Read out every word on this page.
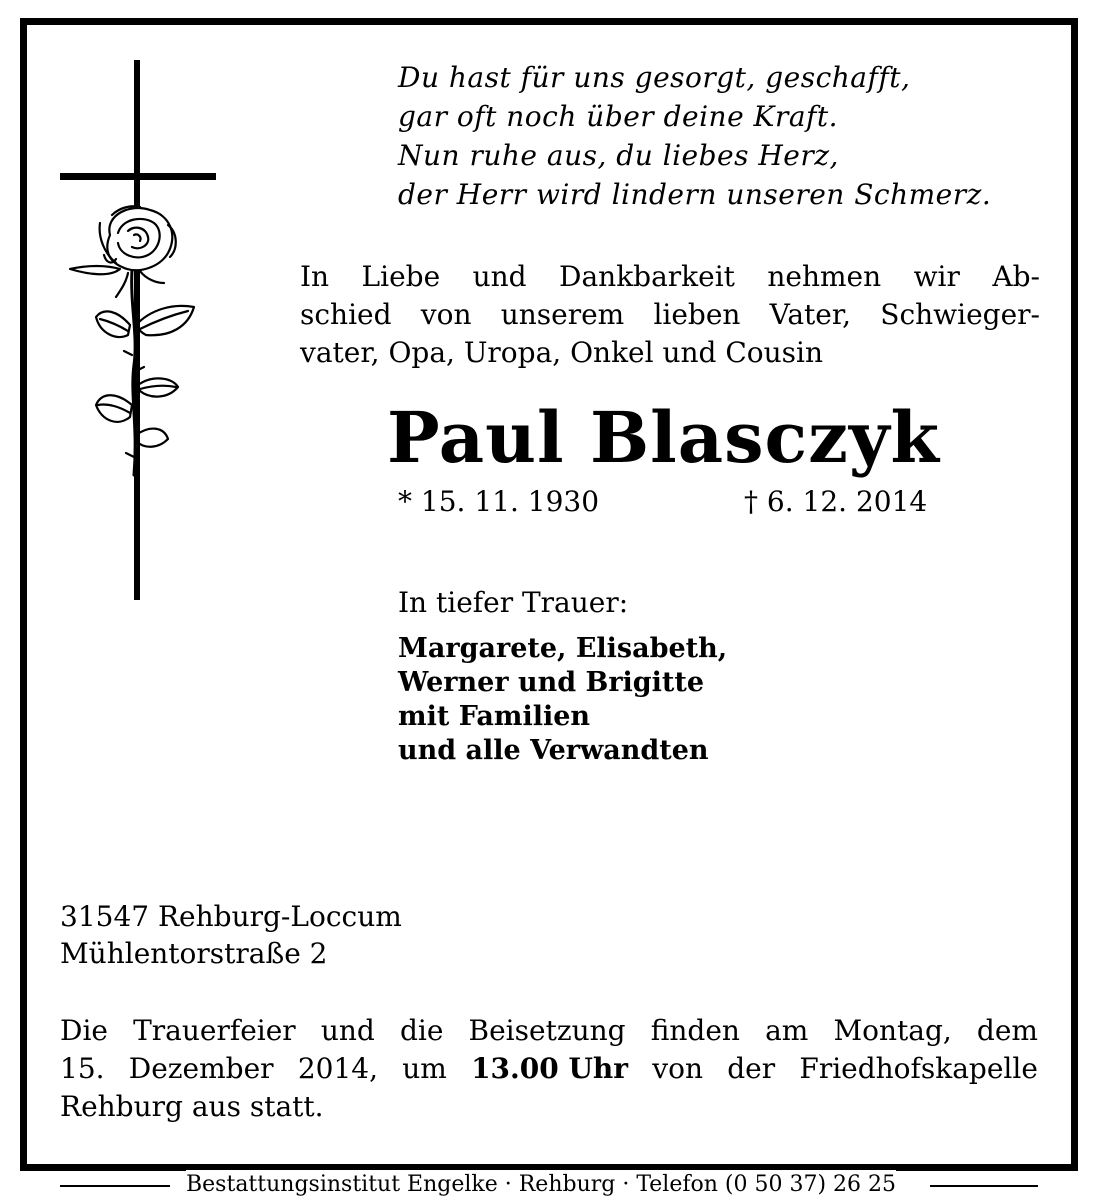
Du hast für uns gesorgt, geschafft,
gar oft noch über deine Kraft.
Nun ruhe aus, du liebes Herz,
der Herr wird lindern unseren Schmerz.
In Liebe und Dankbarkeit nehmen wir Ab-
schied von unserem lieben Vater, Schwieger-
vater, Opa, Uropa, Onkel und Cousin
Paul Blasczyk
* 15. 11. 1930	† 6. 12. 2014
In tiefer Trauer:
Margarete, Elisabeth,
Werner und Brigitte
mit Familien
und alle Verwandten
31547 Rehburg-Loccum
Mühlentorstraße 2
Die Trauerfeier und die Beisetzung finden am Montag, dem
15. Dezember 2014, um 13.00 Uhr von der Friedhofskapelle
Rehburg aus statt.
Bestattungsinstitut Engelke · Rehburg · Telefon (0 50 37) 26 25
